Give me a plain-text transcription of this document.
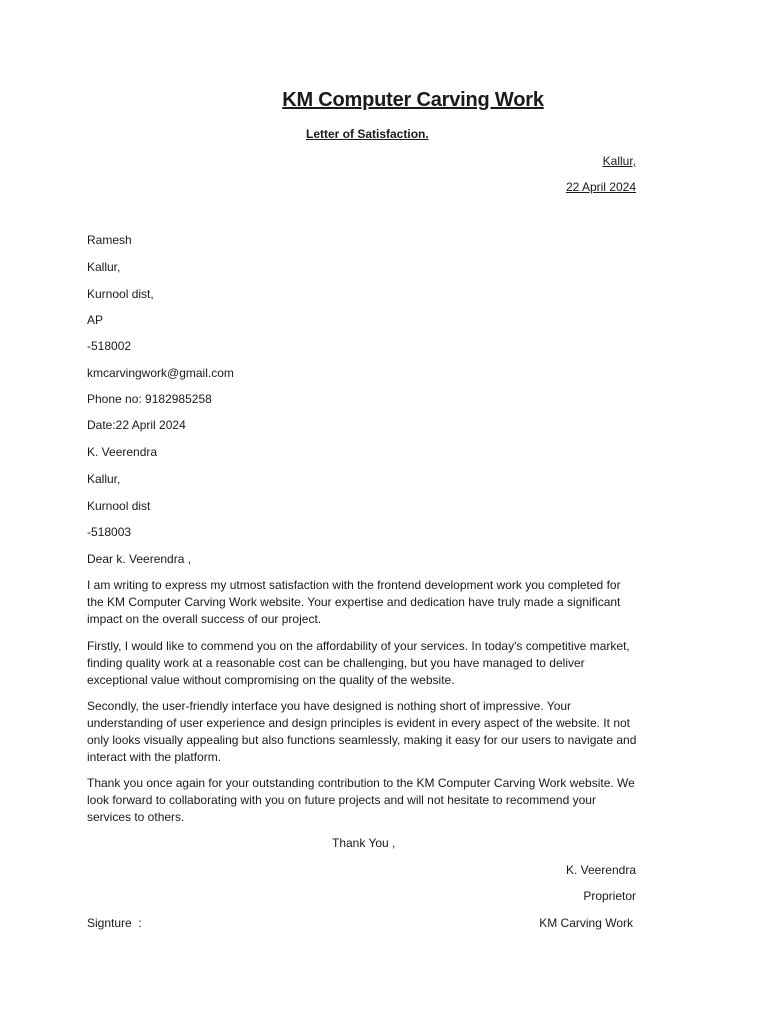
KM Computer Carving Work
Letter of Satisfaction.
Kallur,
22 April 2024
Ramesh
Kallur,
Kurnool dist,
AP
-518002
kmcarvingwork@gmail.com
Phone no: 9182985258
Date:22 April 2024
K. Veerendra
Kallur,
Kurnool dist
-518003
Dear k. Veerendra ,
I am writing to express my utmost satisfaction with the frontend development work you completed for the KM Computer Carving Work website. Your expertise and dedication have truly made a significant impact on the overall success of our project.
Firstly, I would like to commend you on the affordability of your services. In today's competitive market, finding quality work at a reasonable cost can be challenging, but you have managed to deliver exceptional value without compromising on the quality of the website.
Secondly, the user-friendly interface you have designed is nothing short of impressive. Your understanding of user experience and design principles is evident in every aspect of the website. It not only looks visually appealing but also functions seamlessly, making it easy for our users to navigate and interact with the platform.
Thank you once again for your outstanding contribution to the KM Computer Carving Work website. We look forward to collaborating with you on future projects and will not hesitate to recommend your services to others.
Thank You ,
K. Veerendra
Proprietor
KM Carving Work
Signture  :
